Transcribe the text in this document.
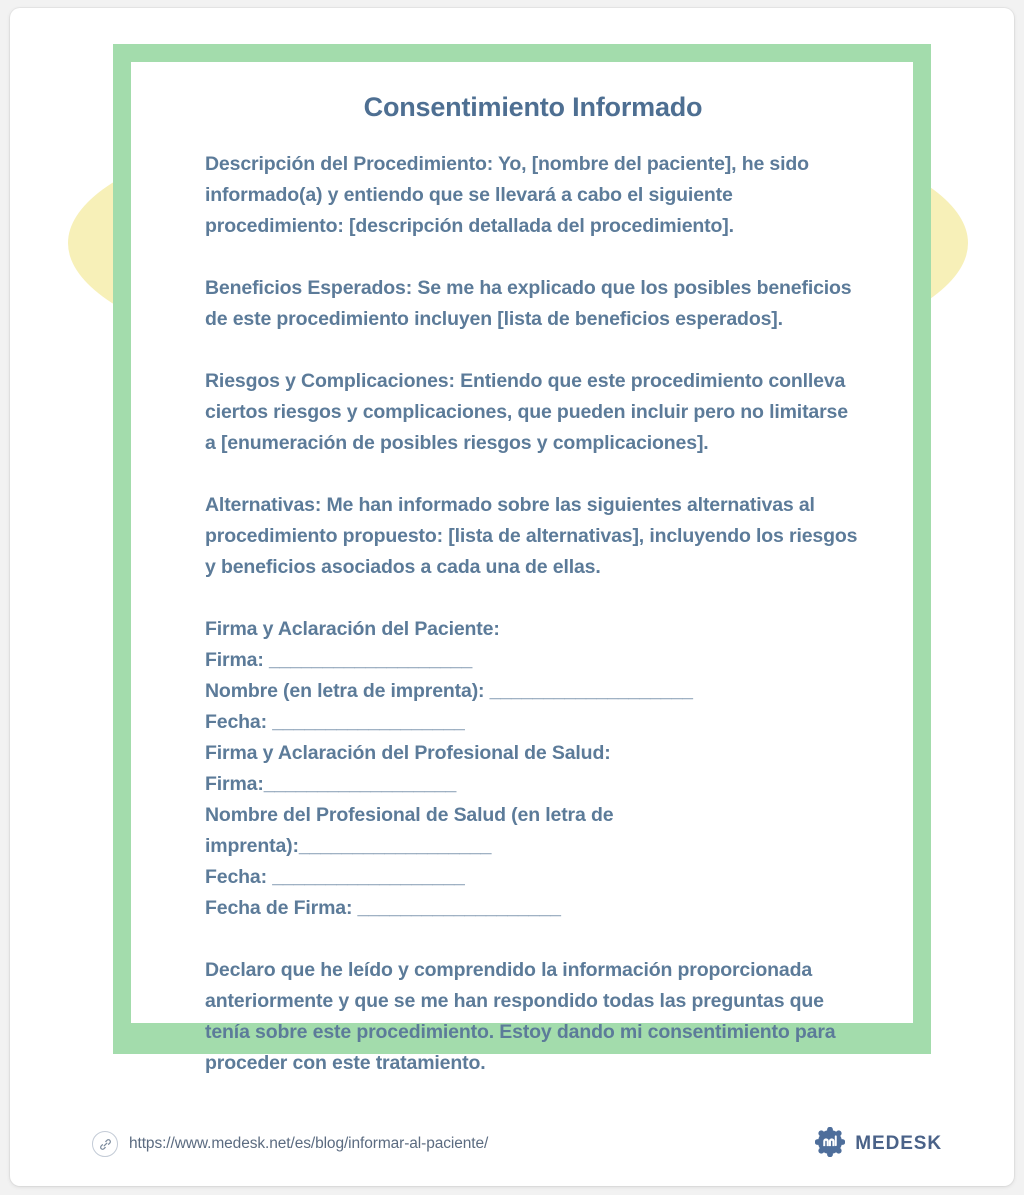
Consentimiento Informado

Descripción del Procedimiento: Yo, [nombre del paciente], he sido informado(a) y entiendo que se llevará a cabo el siguiente procedimiento: [descripción detallada del procedimiento].

Beneficios Esperados: Se me ha explicado que los posibles beneficios de este procedimiento incluyen [lista de beneficios esperados].

Riesgos y Complicaciones: Entiendo que este procedimiento conlleva ciertos riesgos y complicaciones, que pueden incluir pero no limitarse a [enumeración de posibles riesgos y complicaciones].

Alternativas: Me han informado sobre las siguientes alternativas al procedimiento propuesto: [lista de alternativas], incluyendo los riesgos y beneficios asociados a cada una de ellas.

Firma y Aclaración del Paciente:
Firma: ___________________
Nombre (en letra de imprenta): ___________________
Fecha: __________________
Firma y Aclaración del Profesional de Salud:
Firma:__________________
Nombre del Profesional de Salud (en letra de imprenta):__________________
Fecha: __________________
Fecha de Firma: ___________________

Declaro que he leído y comprendido la información proporcionada anteriormente y que se me han respondido todas las preguntas que tenía sobre este procedimiento. Estoy dando mi consentimiento para proceder con este tratamiento.

https://www.medesk.net/es/blog/informar-al-paciente/	MEDESK
